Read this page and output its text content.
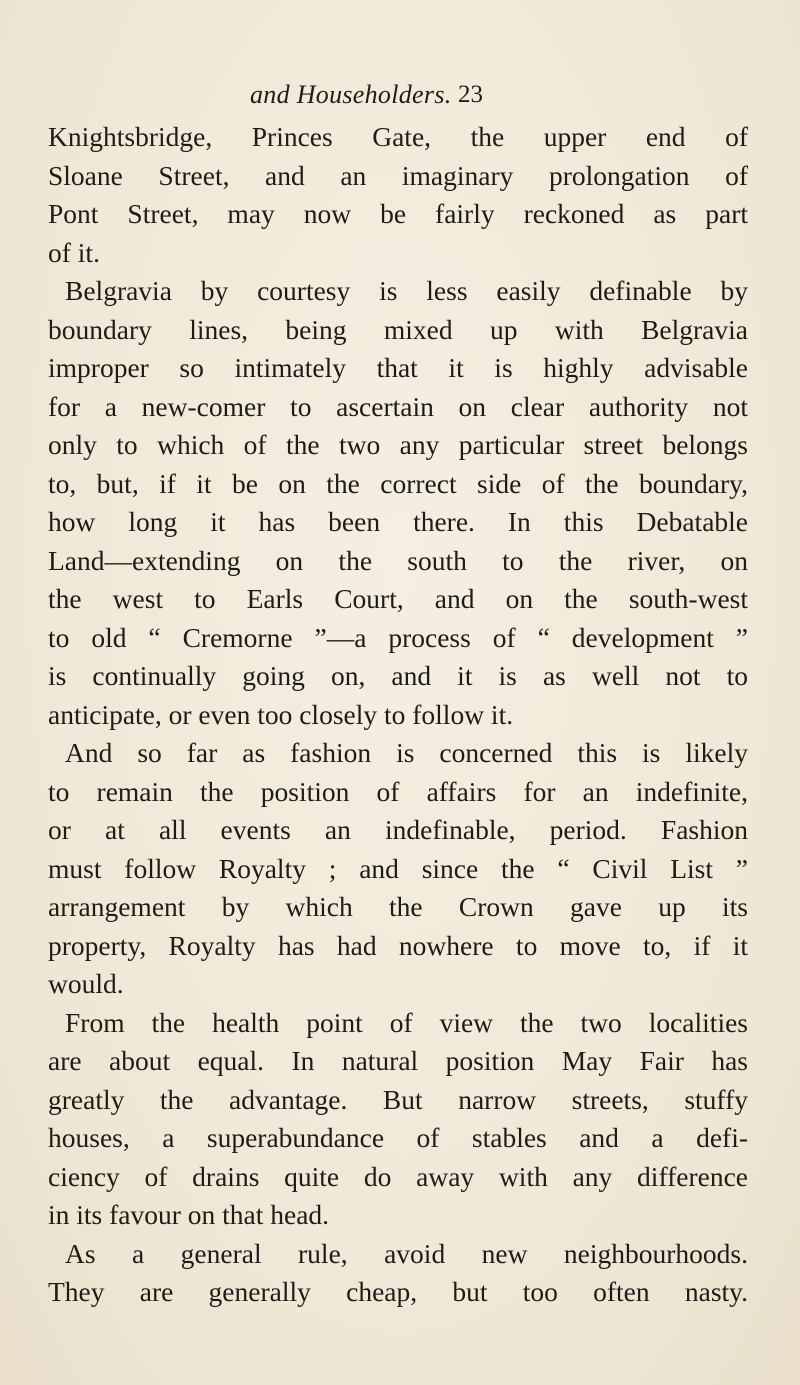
and Householders. 23
Knightsbridge, Princes Gate, the upper end of
Sloane Street, and an imaginary prolongation of
Pont Street, may now be fairly reckoned as part
of it.
Belgravia by courtesy is less easily definable by
boundary lines, being mixed up with Belgravia
improper so intimately that it is highly advisable
for a new-comer to ascertain on clear authority not
only to which of the two any particular street belongs
to, but, if it be on the correct side of the boundary,
how long it has been there. In this Debatable
Land—extending on the south to the river, on
the west to Earls Court, and on the south-west
to old “ Cremorne ”—a process of “ development ”
is continually going on, and it is as well not to
anticipate, or even too closely to follow it.
And so far as fashion is concerned this is likely
to remain the position of affairs for an indefinite,
or at all events an indefinable, period. Fashion
must follow Royalty ; and since the “ Civil List ”
arrangement by which the Crown gave up its
property, Royalty has had nowhere to move to, if it
would.
From the health point of view the two localities
are about equal. In natural position May Fair has
greatly the advantage. But narrow streets, stuffy
houses, a superabundance of stables and a defi-
ciency of drains quite do away with any difference
in its favour on that head.
As a general rule, avoid new neighbourhoods.
They are generally cheap, but too often nasty.
